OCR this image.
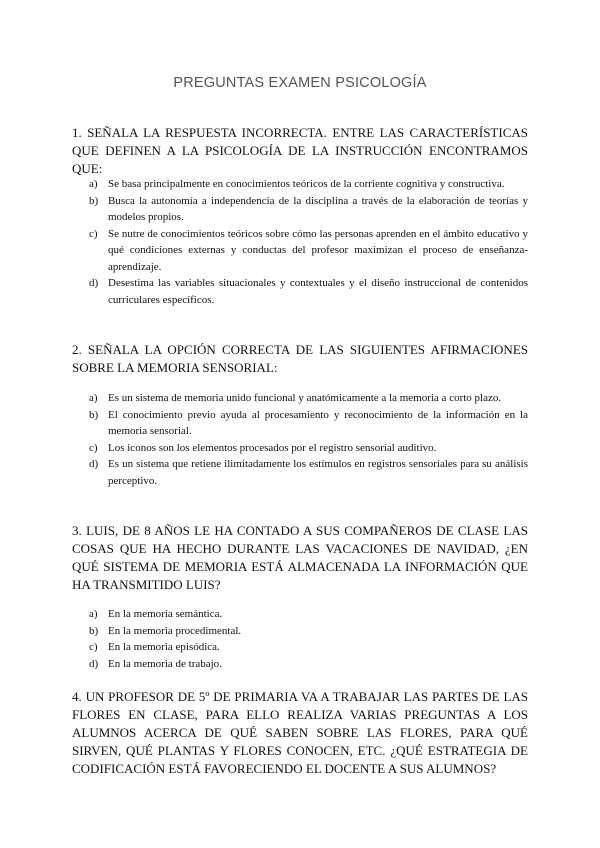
PREGUNTAS EXAMEN PSICOLOGÍA

1. SEÑALA LA RESPUESTA INCORRECTA. ENTRE LAS CARACTERÍSTICAS QUE DEFINEN A LA PSICOLOGÍA DE LA INSTRUCCIÓN ENCONTRAMOS QUE:

a) Se basa principalmente en conocimientos teóricos de la corriente cognitiva y constructiva.
b) Busca la autonomía a independencia de la disciplina a través de la elaboración de teorías y modelos propios.
c) Se nutre de conocimientos teóricos sobre cómo las personas aprenden en el ámbito educativo y qué condiciones externas y conductas del profesor maximizan el proceso de enseñanza-aprendizaje.
d) Desestima las variables situacionales y contextuales y el diseño instruccional de contenidos curriculares específicos.

2. SEÑALA LA OPCIÓN CORRECTA DE LAS SIGUIENTES AFIRMACIONES SOBRE LA MEMORIA SENSORIAL:

a) Es un sistema de memoria unido funcional y anatómicamente a la memoria a corto plazo.
b) El conocimiento previo ayuda al procesamiento y reconocimiento de la información en la memoria sensorial.
c) Los iconos son los elementos procesados por el registro sensorial auditivo.
d) Es un sistema que retiene ilimitadamente los estímulos en registros sensoriales para su análisis perceptivo.

3. LUIS, DE 8 AÑOS LE HA CONTADO A SUS COMPAÑEROS DE CLASE LAS COSAS QUE HA HECHO DURANTE LAS VACACIONES DE NAVIDAD, ¿EN QUÉ SISTEMA DE MEMORIA ESTÁ ALMACENADA LA INFORMACIÓN QUE HA TRANSMITIDO LUIS?

a) En la memoria semántica.
b) En la memoria procedimental.
c) En la memoria episódica.
d) En la memoria de trabajo.

4. UN PROFESOR DE 5º DE PRIMARIA VA A TRABAJAR LAS PARTES DE LAS FLORES EN CLASE, PARA ELLO REALIZA VARIAS PREGUNTAS A LOS ALUMNOS ACERCA DE QUÉ SABEN SOBRE LAS FLORES, PARA QUÉ SIRVEN, QUÉ PLANTAS Y FLORES CONOCEN, ETC. ¿QUÉ ESTRATEGIA DE CODIFICACIÓN ESTÁ FAVORECIENDO EL DOCENTE A SUS ALUMNOS?
